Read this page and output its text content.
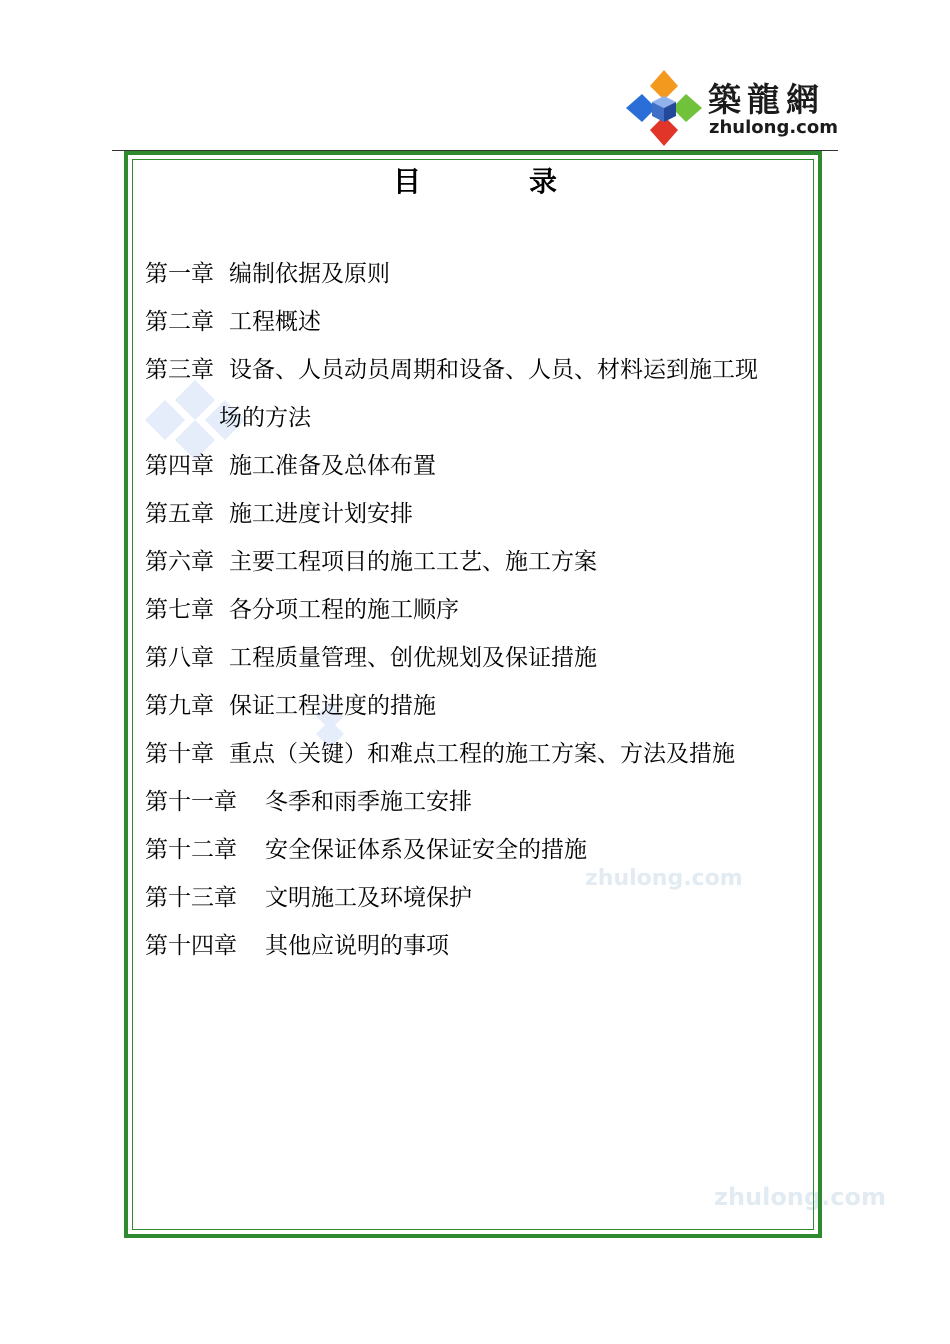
築龍網
zhulong.com
zhulong.com
zhulong.com
目　录
第一章 编制依据及原则
第二章 工程概述
第三章 设备、人员动员周期和设备、人员、材料运到施工现
场的方法
第四章 施工准备及总体布置
第五章 施工进度计划安排
第六章 主要工程项目的施工工艺、施工方案
第七章 各分项工程的施工顺序
第八章 工程质量管理、创优规划及保证措施
第九章 保证工程进度的措施
第十章 重点（关键）和难点工程的施工方案、方法及措施
第十一章 冬季和雨季施工安排
第十二章 安全保证体系及保证安全的措施
第十三章 文明施工及环境保护
第十四章 其他应说明的事项
